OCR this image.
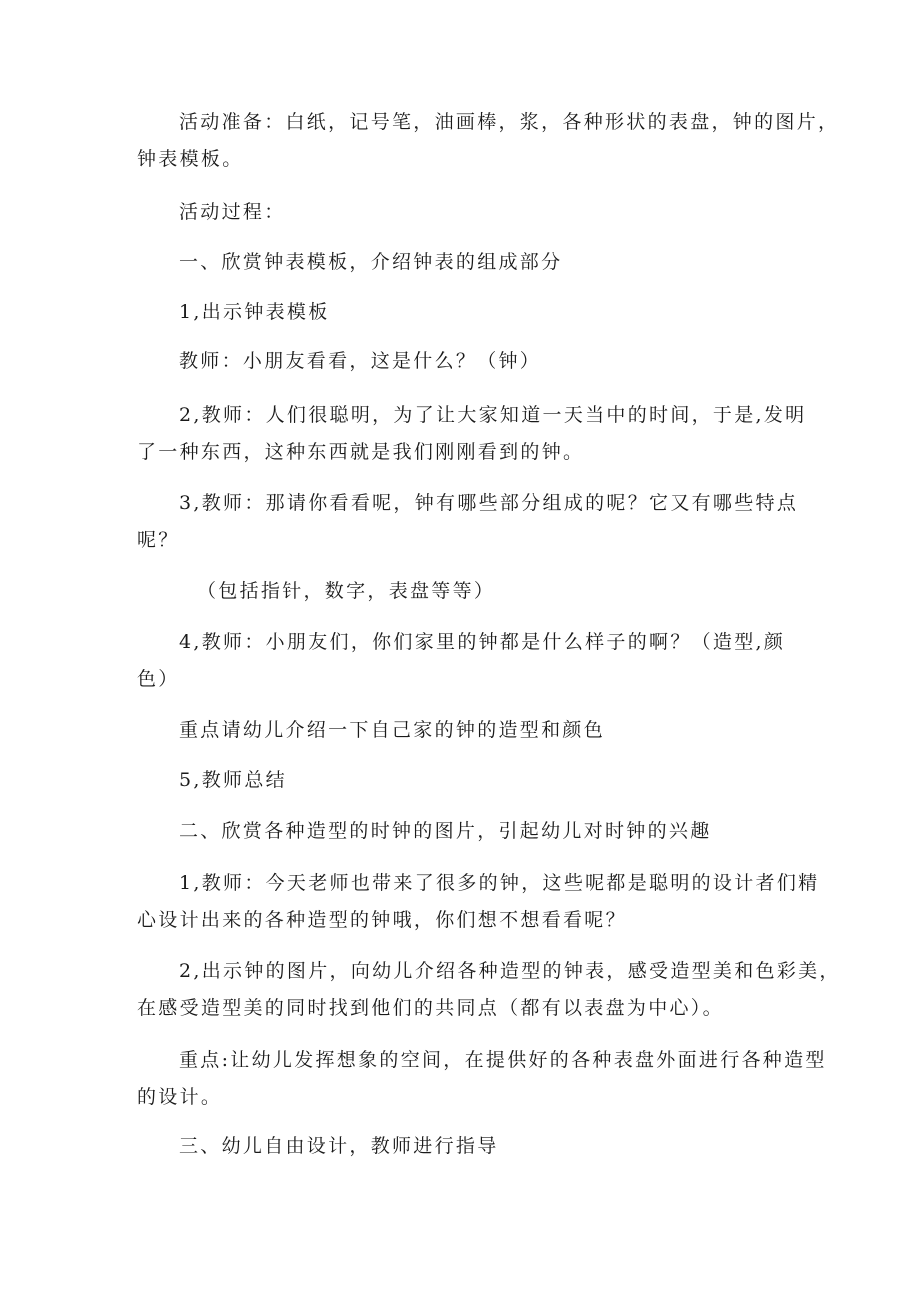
活动准备：白纸，记号笔，油画棒，浆，各种形状的表盘，钟的图片，
钟表模板。
活动过程：
一、欣赏钟表模板，介绍钟表的组成部分
1,出示钟表模板
教师：小朋友看看，这是什么？（钟）
2,教师：人们很聪明，为了让大家知道一天当中的时间，于是,发明
了一种东西，这种东西就是我们刚刚看到的钟。
3,教师：那请你看看呢，钟有哪些部分组成的呢？它又有哪些特点
呢？
（包括指针，数字，表盘等等）
4,教师：小朋友们，你们家里的钟都是什么样子的啊？（造型,颜
色）
重点请幼儿介绍一下自己家的钟的造型和颜色
5,教师总结
二、欣赏各种造型的时钟的图片，引起幼儿对时钟的兴趣
1,教师：今天老师也带来了很多的钟，这些呢都是聪明的设计者们精
心设计出来的各种造型的钟哦，你们想不想看看呢？
2,出示钟的图片，向幼儿介绍各种造型的钟表，感受造型美和色彩美，
在感受造型美的同时找到他们的共同点（都有以表盘为中心）。
重点:让幼儿发挥想象的空间，在提供好的各种表盘外面进行各种造型
的设计。
三、幼儿自由设计，教师进行指导
